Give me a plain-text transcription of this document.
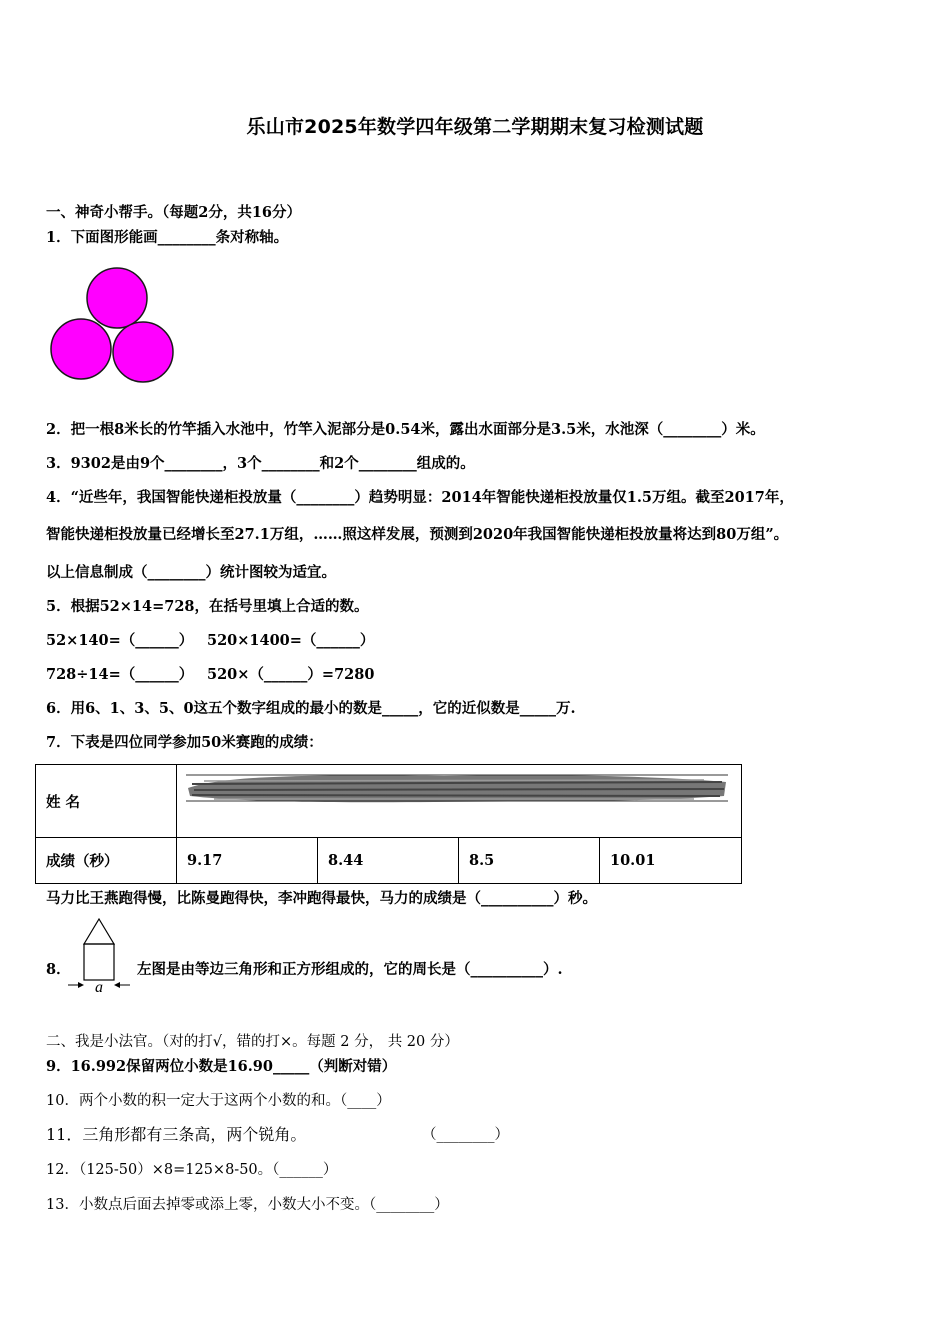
乐山市2025年数学四年级第二学期期末复习检测试题
一、神奇小帮手。（每题2分，共16分）
1．下面图形能画________条对称轴。
2．把一根8米长的竹竿插入水池中，竹竿入泥部分是0.54米，露出水面部分是3.5米，水池深（________）米。
3．9302是由9个________，3个________和2个________组成的。
4．“近些年，我国智能快递柜投放量（________）趋势明显：2014年智能快递柜投放量仅1.5万组。截至2017年，
智能快递柜投放量已经增长至27.1万组，……照这样发展，预测到2020年我国智能快递柜投放量将达到80万组”。
以上信息制成（________）统计图较为适宜。
5．根据52×14=728，在括号里填上合适的数。
52×140=（______） 520×1400=（______）
728÷14=（______） 520×（______）=7280
6．用6、1、3、5、0这五个数字组成的最小的数是_____，它的近似数是_____万.
7．下表是四位同学参加50米赛跑的成绩：
姓 名				
成绩（秒）	9.17	8.44	8.5	10.01
马力比王燕跑得慢，比陈曼跑得快，李冲跑得最快，马力的成绩是（__________）秒。
a
8．	左图是由等边三角形和正方形组成的，它的周长是（__________）.
二、我是小法官。（对的打√，错的打×。每题 2 分， 共 20 分）
9．16.992保留两位小数是16.90_____（判断对错）
10．两个小数的积一定大于这两个小数的和。（____）
11．三角形都有三条高，两个锐角。	（________）
12．（125-50）×8=125×8-50。（______）
13．小数点后面去掉零或添上零，小数大小不变。（________）
